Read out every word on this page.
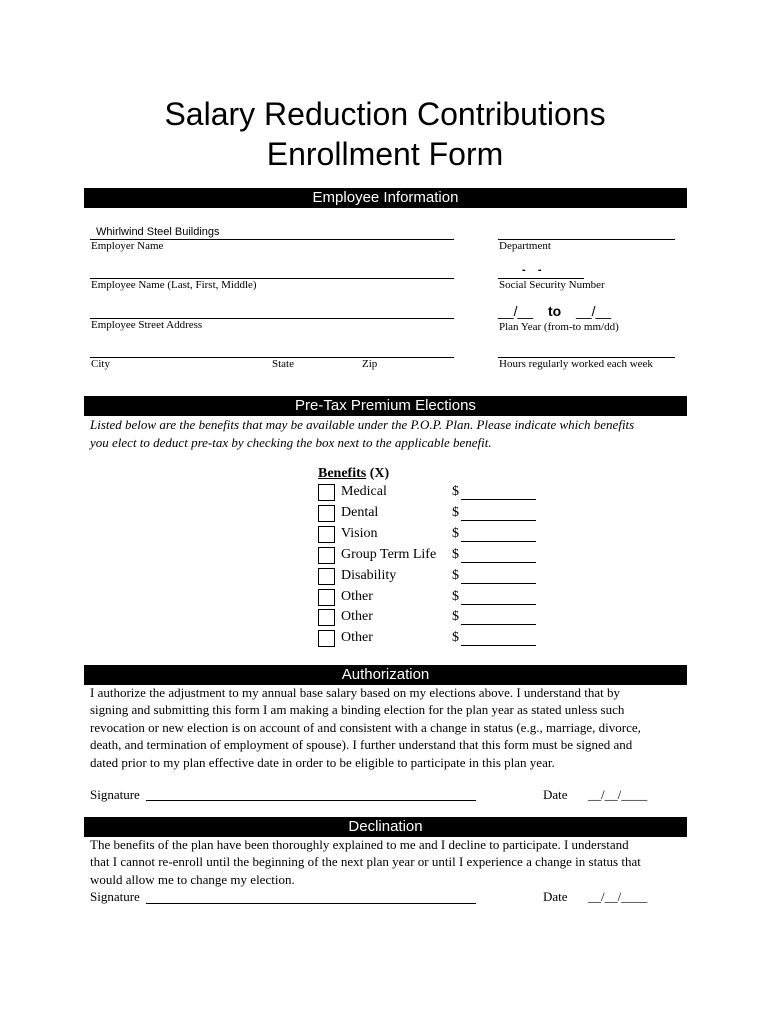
Salary Reduction Contributions
Enrollment Form
Employee Information
Whirlwind Steel Buildings
Employer Name	Department
Employee Name (Last, First, Middle)
-    -
Social Security Number
Employee Street Address
__/__ to __/__
Plan Year (from-to mm/dd)
City	State	Zip	Hours regularly worked each week
Pre-Tax Premium Elections
Listed below are the benefits that may be available under the P.O.P. Plan. Please indicate which benefits
you elect to deduct pre-tax by checking the box next to the applicable benefit.
Benefits (X)
Medical	$
Dental	$
Vision	$
Group Term Life $
Disability	$
Other	$
Other	$
Other	$
Authorization
I authorize the adjustment to my annual base salary based on my elections above. I understand that by
signing and submitting this form I am making a binding election for the plan year as stated unless such
revocation or new election is on account of and consistent with a change in status (e.g., marriage, divorce,
death, and termination of employment of spouse). I further understand that this form must be signed and
dated prior to my plan effective date in order to be eligible to participate in this plan year.
Signature	Date __/__/____
Declination
The benefits of the plan have been thoroughly explained to me and I decline to participate. I understand
that I cannot re-enroll until the beginning of the next plan year or until I experience a change in status that
would allow me to change my election.
Signature	Date __/__/____
